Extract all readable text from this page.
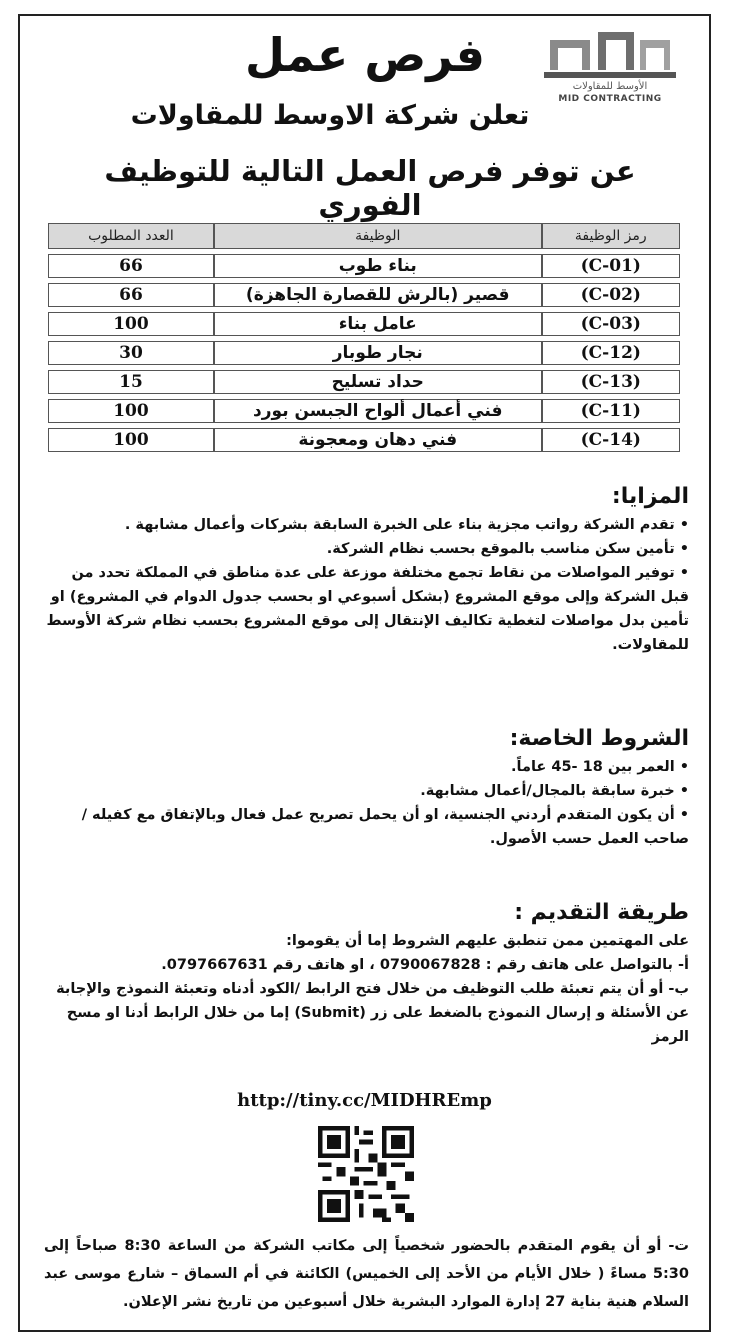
الأوسط للمقاولات
MID CONTRACTING
فرص عمل
تعلن شركة الاوسط للمقاولات
عن توفر فرص العمل التالية للتوظيف الفوري
رمز الوظيفة	الوظيفة	العدد المطلوب
(C-01)	بناء طوب	66
(C-02)	قصير (بالرش للقصارة الجاهزة)	66
(C-03)	عامل بناء	100
(C-12)	نجار طوبار	30
(C-13)	حداد تسليح	15
(C-11)	فني أعمال ألواح الجبسن بورد	100
(C-14)	فني دهان ومعجونة	100
المزايا:

• تقدم الشركة رواتب مجزية بناء على الخبرة السابقة بشركات وأعمال مشابهة .

• تأمين سكن مناسب بالموقع بحسب نظام الشركة.

• توفير المواصلات من نقاط تجمع مختلفة موزعة على عدة مناطق في المملكة تحدد من قبل الشركة وإلى موقع المشروع (بشكل أسبوعي او بحسب جدول الدوام في المشروع) او تأمين بدل مواصلات لتغطية تكاليف الإنتقال إلى موقع المشروع بحسب نظام شركة الأوسط للمقاولات.

الشروط الخاصة:

• العمر بين 18 -45 عاماً.

• خبرة سابقة بالمجال/أعمال مشابهة.

• أن يكون المتقدم أردني الجنسية، او أن يحمل تصريح عمل فعال وبالإتفاق مع كفيله /صاحب العمل حسب الأصول.

طريقة التقديم :

على المهتمين ممن تنطبق عليهم الشروط إما أن يقوموا:

أ- بالتواصل على هاتف رقم : 0790067828 ، او هاتف رقم 0797667631.

ب- أو أن يتم تعبئة طلب التوظيف من خلال فتح الرابط /الكود أدناه وتعبئة النموذج والإجابة عن الأسئلة و إرسال النموذج بالضغط على زر (Submit) إما من خلال الرابط أدنا او مسح الرمز

http://tiny.cc/MIDHREmp
ت- أو أن يقوم المتقدم بالحضور شخصياً إلى مكاتب الشركة من الساعة 8:30 صباحاً إلى 5:30 مساءً ( خلال الأيام من الأحد إلى الخميس) الكائنة في أم السماق – شارع موسى عبد السلام هنية بناية 27 إدارة الموارد البشرية خلال أسبوعين من تاريخ نشر الإعلان.
